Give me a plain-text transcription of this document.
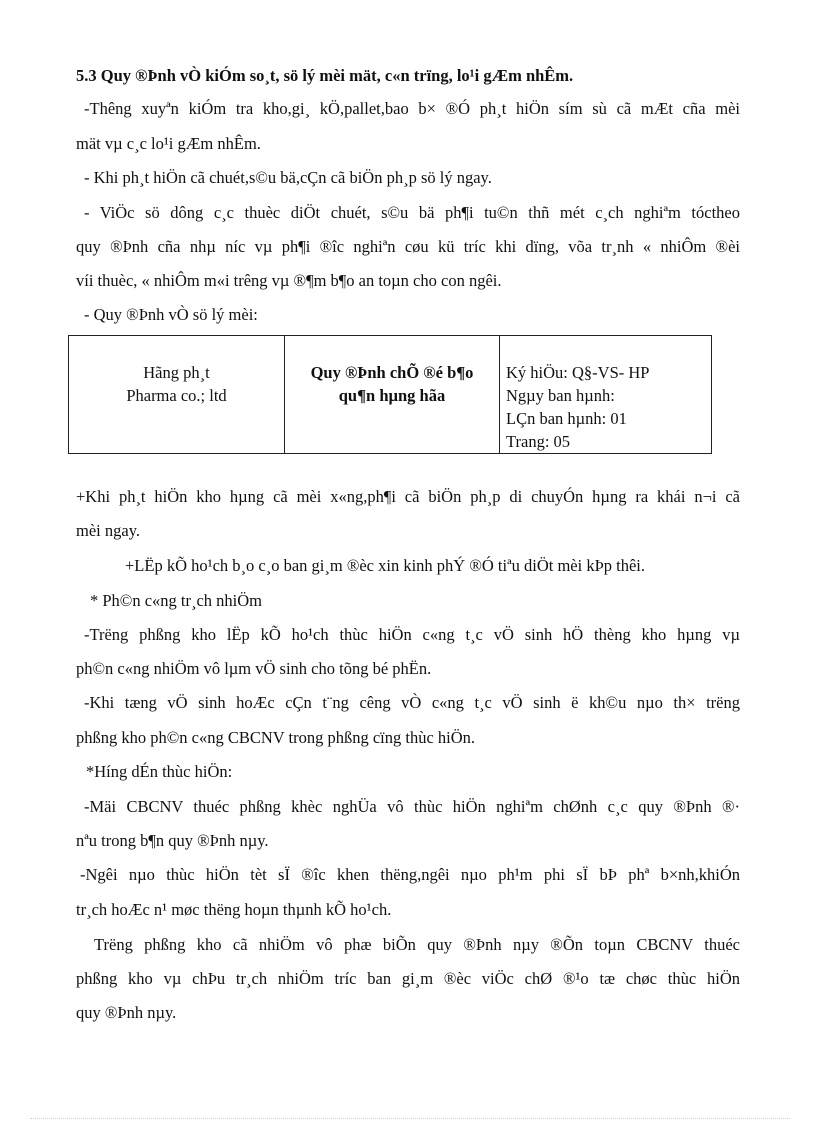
5.3 Quy ®Þnh vÒ kiÓm so¸t, sö lý mèi mät, c«n trïng, lo¹i gÆm nhÊm.
-Thêng xuyªn kiÓm tra kho,gi¸ kÖ,pallet,bao b× ®Ó ph¸t hiÖn sím sù cã mÆt cña mèi
mät vµ c¸c lo¹i gÆm nhÊm.
- Khi ph¸t hiÖn cã chuét,s©u bä,cÇn cã biÖn ph¸p sö lý ngay.
- ViÖc sö dông c¸c thuèc diÖt chuét, s©u bä ph¶i tu©n thñ mét c¸ch nghiªm tóctheo
quy ®Þnh cña nhµ níc vµ ph¶i ®îc nghiªn cøu kü tríc khi dïng, võa tr¸nh « nhiÔm ®èi
víi thuèc, « nhiÔm m«i trêng vµ ®¶m b¶o an toµn cho con ngêi.
- Quy ®Þnh vÒ sö lý mèi:
Hãng ph¸t
Pharma co.; ltd

Quy ®Þnh chÕ ®é b¶o
qu¶n hµng hãa

Ký hiÖu: Q§-VS- HP
Ngµy ban hµnh:
LÇn ban hµnh: 01
Trang: 05
+Khi ph¸t hiÖn kho hµng cã mèi x«ng,ph¶i cã biÖn ph¸p di chuyÓn hµng ra khái n¬i cã
mèi ngay.
+LËp kÕ ho¹ch b¸o c¸o ban gi¸m ®èc xin kinh phÝ ®Ó tiªu diÖt mèi kÞp thêi.
* Ph©n c«ng tr¸ch nhiÖm
-Trëng phßng kho lËp kÕ ho¹ch thùc hiÖn c«ng t¸c vÖ sinh hÖ thèng kho hµng vµ
ph©n c«ng nhiÖm vô lµm vÖ sinh cho tõng bé phËn.
-Khi tæng vÖ sinh hoÆc cÇn t¨ng cêng vÒ c«ng t¸c vÖ sinh ë kh©u nµo th× trëng
phßng kho ph©n c«ng CBCNV trong phßng cïng thùc hiÖn.
*Híng dÉn thùc hiÖn:
-Mäi CBCNV thuéc phßng khèc nghÜa vô thùc hiÖn nghiªm chØnh c¸c quy ®Þnh ®·
nªu trong b¶n quy ®Þnh nµy.
-Ngêi nµo thùc hiÖn tèt sÏ ®îc khen thëng,ngêi nµo ph¹m phi sÏ bÞ phª b×nh,khiÓn
tr¸ch hoÆc n¹ møc thëng hoµn thµnh kÕ ho¹ch.
Trëng phßng kho cã nhiÖm vô phæ biÕn quy ®Þnh nµy ®Õn toµn CBCNV thuéc
phßng kho vµ chÞu tr¸ch nhiÖm tríc ban gi¸m ®èc viÖc chØ ®¹o tæ chøc thùc hiÖn
quy ®Þnh nµy.
